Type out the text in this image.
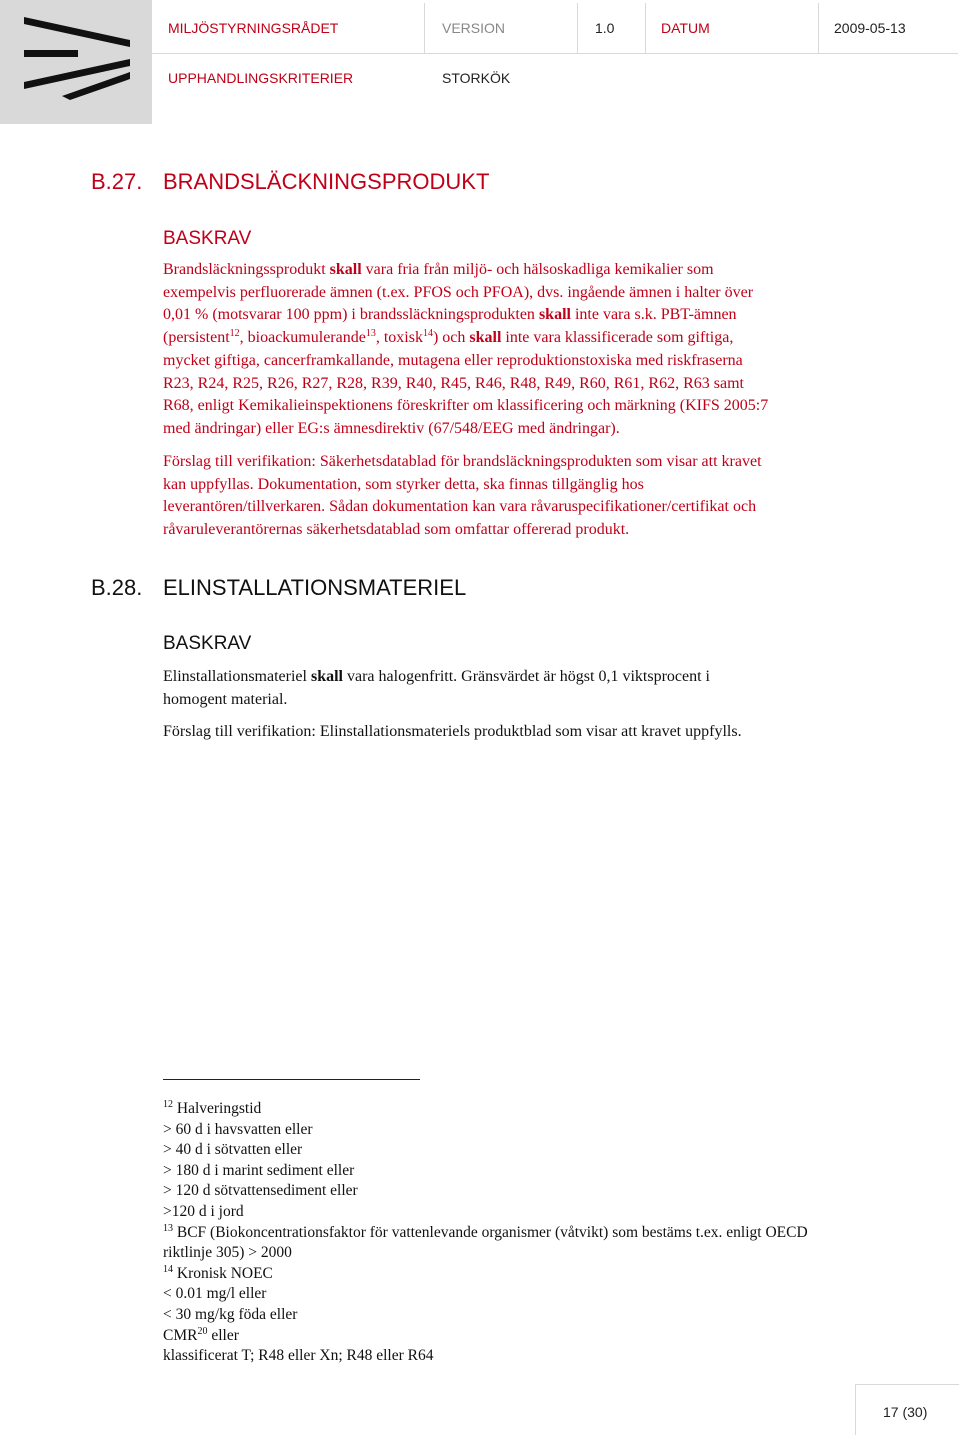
MILJÖSTYRNINGSRÅDET	VERSION	1.0	DATUM	2009-05-13
UPPHANDLINGSKRITERIER	STORKÖK
B.27. BRANDSLÄCKNINGSPRODUKT
BASKRAV
Brandsläckningssprodukt skall vara fria från miljö- och hälsoskadliga kemikalier som
exempelvis perfluorerade ämnen (t.ex. PFOS och PFOA), dvs. ingående ämnen i halter över
0,01 % (motsvarar 100 ppm) i brandssläckningsprodukten skall inte vara s.k. PBT-ämnen
(persistent$^{12}$, bioackumulerande$^{13}$, toxisk$^{14}$) och skall inte vara klassificerade som giftiga,
mycket giftiga, cancerframkallande, mutagena eller reproduktionstoxiska med riskfraserna
R23, R24, R25, R26, R27, R28, R39, R40, R45, R46, R48, R49, R60, R61, R62, R63 samt
R68, enligt Kemikalieinspektionens föreskrifter om klassificering och märkning (KIFS 2005:7
med ändringar) eller EG:s ämnesdirektiv (67/548/EEG med ändringar).
Förslag till verifikation: Säkerhetsdatablad för brandsläckningsprodukten som visar att kravet
kan uppfyllas. Dokumentation, som styrker detta, ska finnas tillgänglig hos
leverantören/tillverkaren. Sådan dokumentation kan vara råvaruspecifikationer/certifikat och
råvaruleverantörernas säkerhetsdatablad som omfattar offererad produkt.
B.28. ELINSTALLATIONSMATERIEL
BASKRAV
Elinstallationsmateriel skall vara halogenfritt. Gränsvärdet är högst 0,1 viktsprocent i
homogent material.
Förslag till verifikation: Elinstallationsmateriels produktblad som visar att kravet uppfylls.
$^{12}$ Halveringstid
> 60 d i havsvatten eller
> 40 d i sötvatten eller
> 180 d i marint sediment eller
> 120 d sötvattensediment eller
>120 d i jord
$^{13}$ BCF (Biokoncentrationsfaktor för vattenlevande organismer (våtvikt) som bestäms t.ex. enligt OECD
riktlinje 305) > 2000
$^{14}$ Kronisk NOEC
< 0.01 mg/l eller
< 30 mg/kg föda eller
CMR$^{20}$ eller
klassificerat T; R48 eller Xn; R48 eller R64
17 (30)
